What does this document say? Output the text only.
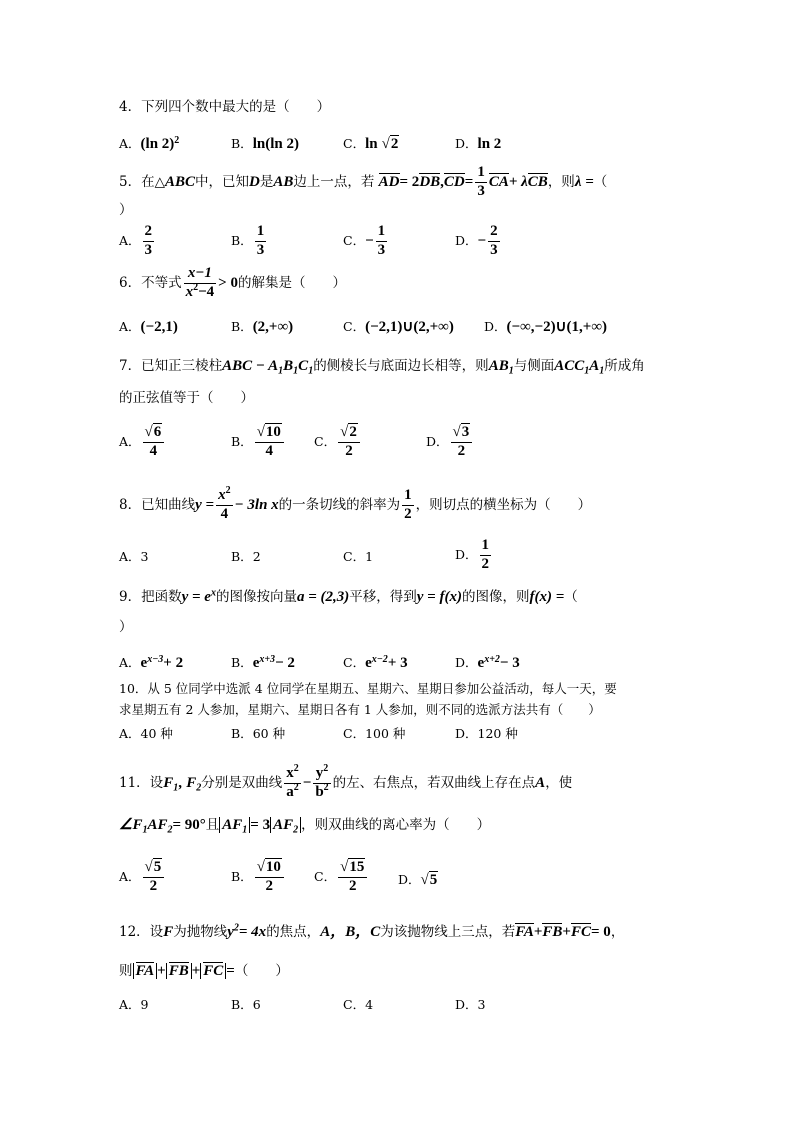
4．下列四个数中最大的是（　　）
A．(ln 2)$^2$	B．ln(ln 2)	C．ln √2	D．ln 2
5．在△ABC中，已知D是AB边上一点，若 $AD= 2DB,CD= \frac{1}{3} CA+ \lambda CB$，则λ =（
）
A． $\frac{2}{3}$	B． $\frac{1}{3}$	C．− $\frac{1}{3}$	D．− $\frac{2}{3}$
6．不等式 $\frac{x-1}{x^2-4} > 0$的解集是（　　）
A．(−2,1)	B．(2,+∞)	C．(−2,1)∪(2,+∞) D．(−∞,−2)∪(1,+∞)
7．已知正三棱柱ABC − $A_1B_1C_1$的侧棱长与底面边长相等，则$AB_1$与侧面$ACC_1A_1$所成角
的正弦值等于（　　）
A． $\frac{√6}{4}$	B． $\frac{√10}{4}$ C． $\frac{√2}{2}$	D． $\frac{√3}{2}$
8．已知曲线$y = \frac{x^2}{4} - 3\ln$ x的一条切线的斜率为 $\frac{1}{2}$ ，则切点的横坐标为（　　）
A．3	B．2	C．1	D． $\frac{1}{2}$
9．把函数$y = e^x$的图像按向量a = (2,3)平移，得到y = f(x)的图像，则f(x) =（
）
A．$e^{x-3}+ 2$	B．$e^{x+3}- 2$	C．$e^{x-2}+ 3$	D．$e^{x+2}- 3$
10．从 5 位同学中选派 4 位同学在星期五、星期六、星期日参加公益活动，每人一天，要
求星期五有 2 人参加，星期六、星期日各有 1 人参加，则不同的选派方法共有（　　）
A．40 种	B．60 种	C．100 种	D．120 种
11．设$F_1$, $F_2$分别是双曲线 $\frac{x^2}{a^2} - \frac{y^2}{b^2}$ 的左、右焦点，若双曲线上存在点A，使
$\angle F_1AF_2= 90^\circ$且 $AF_1 = 3$ $AF_2$ ，则双曲线的离心率为（　　）
A． $\frac{√5}{2}$	B． $\frac{√10}{2}$ C． $\frac{√15}{2}$ D．√5
12．设F为抛物线$y^2= 4x$的焦点，A，B，C为该抛物线上三点，若FA+FB+FC= 0，
则 FA + FB + FC =（　　）
A．9	B．6	C．4	D．3
